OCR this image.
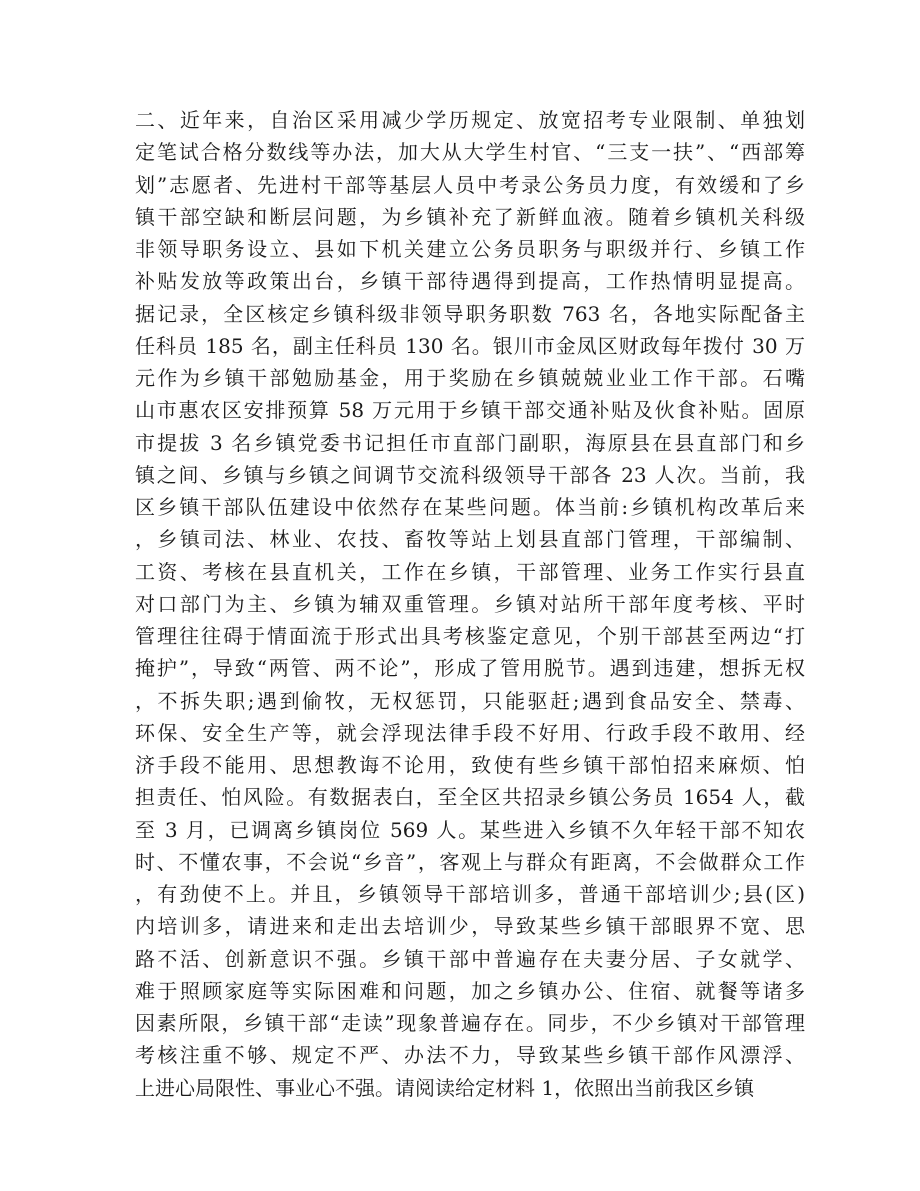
二、近年来，自治区采用减少学历规定、放宽招考专业限制、单独划
定笔试合格分数线等办法，加大从大学生村官、“三支一扶”、“西部筹
划”志愿者、先进村干部等基层人员中考录公务员力度，有效缓和了乡
镇干部空缺和断层问题，为乡镇补充了新鲜血液。随着乡镇机关科级
非领导职务设立、县如下机关建立公务员职务与职级并行、乡镇工作
补贴发放等政策出台，乡镇干部待遇得到提高，工作热情明显提高。
据记录，全区核定乡镇科级非领导职务职数 763 名，各地实际配备主
任科员 185 名，副主任科员 130 名。银川市金凤区财政每年拨付 30 万
元作为乡镇干部勉励基金，用于奖励在乡镇兢兢业业工作干部。石嘴
山市惠农区安排预算 58 万元用于乡镇干部交通补贴及伙食补贴。固原
市提拔 3 名乡镇党委书记担任市直部门副职，海原县在县直部门和乡
镇之间、乡镇与乡镇之间调节交流科级领导干部各 23 人次。当前，我
区乡镇干部队伍建设中依然存在某些问题。体当前:乡镇机构改革后来
，乡镇司法、林业、农技、畜牧等站上划县直部门管理，干部编制、
工资、考核在县直机关，工作在乡镇，干部管理、业务工作实行县直
对口部门为主、乡镇为辅双重管理。乡镇对站所干部年度考核、平时
管理往往碍于情面流于形式出具考核鉴定意见，个别干部甚至两边“打
掩护”，导致“两管、两不论”，形成了管用脱节。遇到违建，想拆无权
，不拆失职;遇到偷牧，无权惩罚，只能驱赶;遇到食品安全、禁毒、
环保、安全生产等，就会浮现法律手段不好用、行政手段不敢用、经
济手段不能用、思想教诲不论用，致使有些乡镇干部怕招来麻烦、怕
担责任、怕风险。有数据表白，至全区共招录乡镇公务员 1654 人，截
至 3 月，已调离乡镇岗位 569 人。某些进入乡镇不久年轻干部不知农
时、不懂农事，不会说“乡音”，客观上与群众有距离，不会做群众工作
，有劲使不上。并且，乡镇领导干部培训多，普通干部培训少;县(区)
内培训多，请进来和走出去培训少，导致某些乡镇干部眼界不宽、思
路不活、创新意识不强。乡镇干部中普遍存在夫妻分居、子女就学、
难于照顾家庭等实际困难和问题，加之乡镇办公、住宿、就餐等诸多
因素所限，乡镇干部“走读”现象普遍存在。同步，不少乡镇对干部管理
考核注重不够、规定不严、办法不力，导致某些乡镇干部作风漂浮、
上进心局限性、事业心不强。请阅读给定材料 1，依照出当前我区乡镇
